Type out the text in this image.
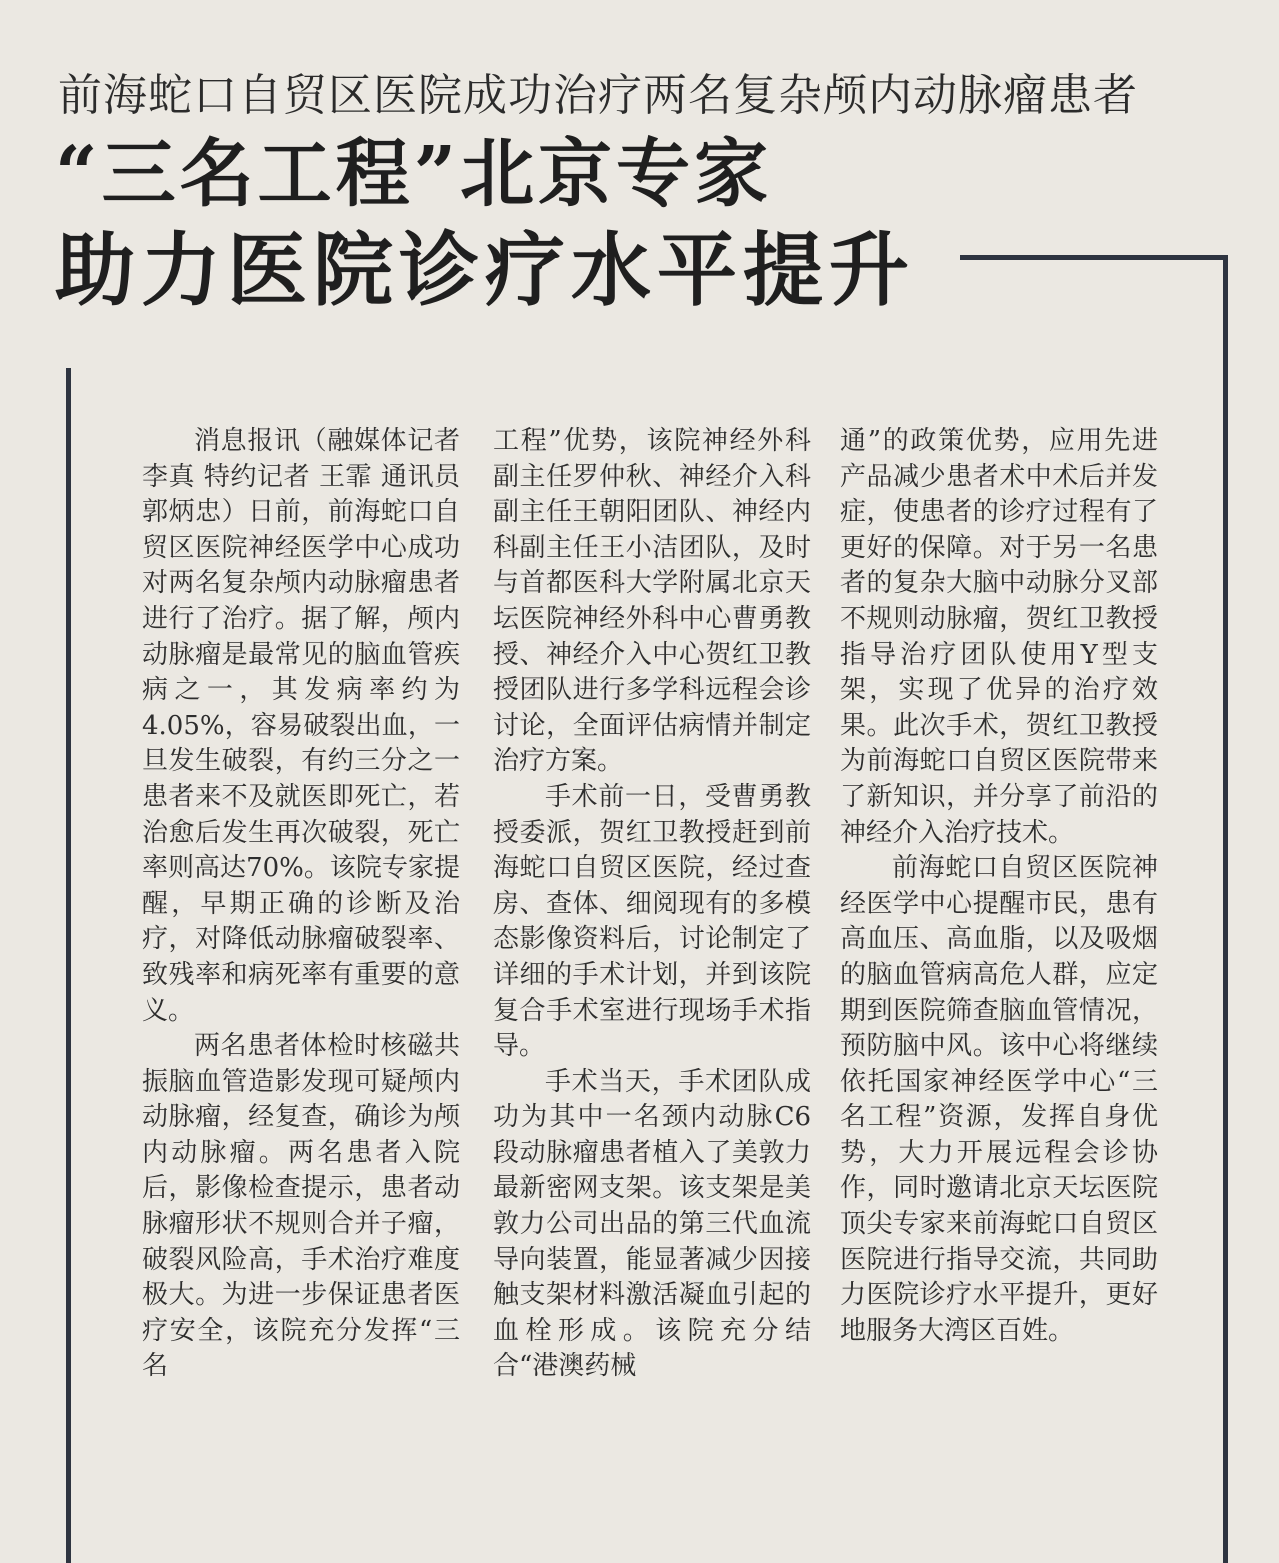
前海蛇口自贸区医院成功治疗两名复杂颅内动脉瘤患者
“三名工程”北京专家
助力医院诊疗水平提升

消息报讯（融媒体记者 李真 特约记者 王霏 通讯员 郭炳忠）日前，前海蛇口自贸区医院神经医学中心成功对两名复杂颅内动脉瘤患者进行了治疗。据了解，颅内动脉瘤是最常见的脑血管疾病之一，其发病率约为4.05%，容易破裂出血，一旦发生破裂，有约三分之一患者来不及就医即死亡，若治愈后发生再次破裂，死亡率则高达70%。该院专家提醒，早期正确的诊断及治疗，对降低动脉瘤破裂率、致残率和病死率有重要的意义。

两名患者体检时核磁共振脑血管造影发现可疑颅内动脉瘤，经复查，确诊为颅内动脉瘤。两名患者入院后，影像检查提示，患者动脉瘤形状不规则合并子瘤，破裂风险高，手术治疗难度极大。为进一步保证患者医疗安全，该院充分发挥“三名

工程”优势，该院神经外科副主任罗仲秋、神经介入科副主任王朝阳团队、神经内科副主任王小洁团队，及时与首都医科大学附属北京天坛医院神经外科中心曹勇教授、神经介入中心贺红卫教授团队进行多学科远程会诊讨论，全面评估病情并制定治疗方案。

手术前一日，受曹勇教授委派，贺红卫教授赶到前海蛇口自贸区医院，经过查房、查体、细阅现有的多模态影像资料后，讨论制定了详细的手术计划，并到该院复合手术室进行现场手术指导。

手术当天，手术团队成功为其中一名颈内动脉C6段动脉瘤患者植入了美敦力最新密网支架。该支架是美敦力公司出品的第三代血流导向装置，能显著减少因接触支架材料激活凝血引起的血栓形成。该院充分结合“港澳药械

通”的政策优势，应用先进产品减少患者术中术后并发症，使患者的诊疗过程有了更好的保障。对于另一名患者的复杂大脑中动脉分叉部不规则动脉瘤，贺红卫教授指导治疗团队使用Y型支架，实现了优异的治疗效果。此次手术，贺红卫教授为前海蛇口自贸区医院带来了新知识，并分享了前沿的神经介入治疗技术。

前海蛇口自贸区医院神经医学中心提醒市民，患有高血压、高血脂，以及吸烟的脑血管病高危人群，应定期到医院筛查脑血管情况，预防脑中风。该中心将继续依托国家神经医学中心“三名工程”资源，发挥自身优势，大力开展远程会诊协作，同时邀请北京天坛医院顶尖专家来前海蛇口自贸区医院进行指导交流，共同助力医院诊疗水平提升，更好地服务大湾区百姓。
